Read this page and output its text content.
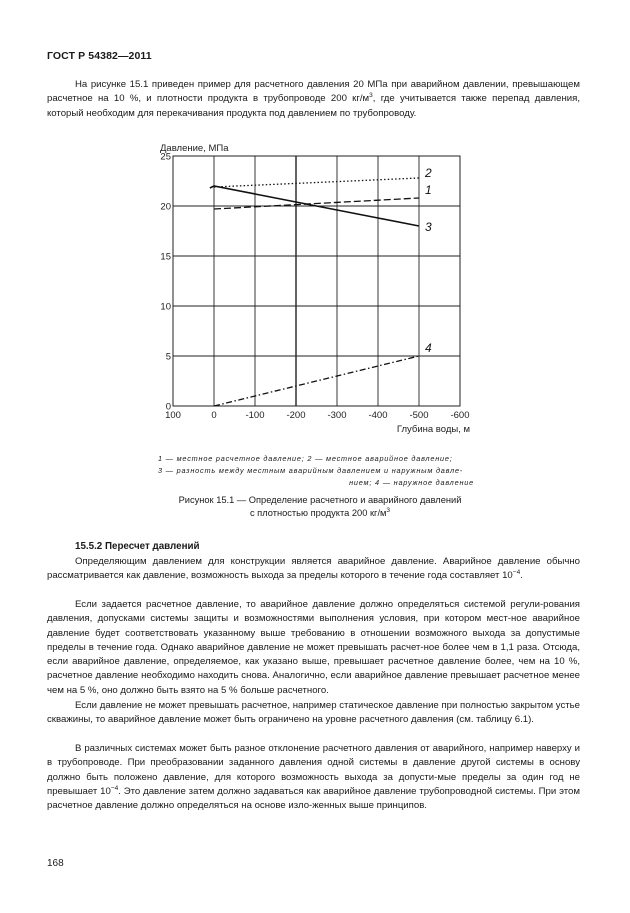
ГОСТ Р 54382—2011
На рисунке 15.1 приведен пример для расчетного давления 20 МПа при аварийном давлении, превышающем расчетное на 10 %, и плотности продукта в трубопроводе 200 $кг/м^3$, где учитывается также перепад давления, который необходим для перекачивания продукта под давлением по трубопроводу.
0
5
10
15
20
25
100	0	-100 -200 -300 -400 -500 -600
Давление, МПа
Глубина воды, м
1
2
3
4
1 — местное расчетное давление; 2 — местное аварийное давление;
3 — разность между местным аварийным давлением и наружным давле-
нием; 4 — наружное давление
Рисунок 15.1 — Определение расчетного и аварийного давлений
с плотностью продукта 200 $кг/м^3$
15.5.2 Пересчет давлений
Определяющим давлением для конструкции является аварийное давление. Аварийное давление обычно рассматривается как давление, возможность выхода за пределы которого в течение года составляет $10^{-4}$.
Если задается расчетное давление, то аварийное давление должно определяться системой регули-рования давления, допусками системы защиты и возможностями выполнения условия, при котором мест-ное аварийное давление будет соответствовать указанному выше требованию в отношении возможного выхода за допустимые пределы в течение года. Однако аварийное давление не может превышать расчет-ное более чем в 1,1 раза. Отсюда, если аварийное давление, определяемое, как указано выше, превышает расчетное давление более, чем на 10 %, расчетное давление необходимо находить снова. Аналогично, если аварийное давление превышает расчетное менее чем на 5 %, оно должно быть взято на 5 % больше расчетного.
Если давление не может превышать расчетное, например статическое давление при полностью закрытом устье скважины, то аварийное давление может быть ограничено на уровне расчетного давления (см. таблицу 6.1).
В различных системах может быть разное отклонение расчетного давления от аварийного, например наверху и в трубопроводе. При преобразовании заданного давления одной системы в давление другой системы в основу должно быть положено давление, для которого возможность выхода за допусти-мые пределы за один год не превышает $10^{-4}$. Это давление затем должно задаваться как аварийное давление трубопроводной системы. При этом расчетное давление должно определяться на основе изло-женных выше принципов.
168
